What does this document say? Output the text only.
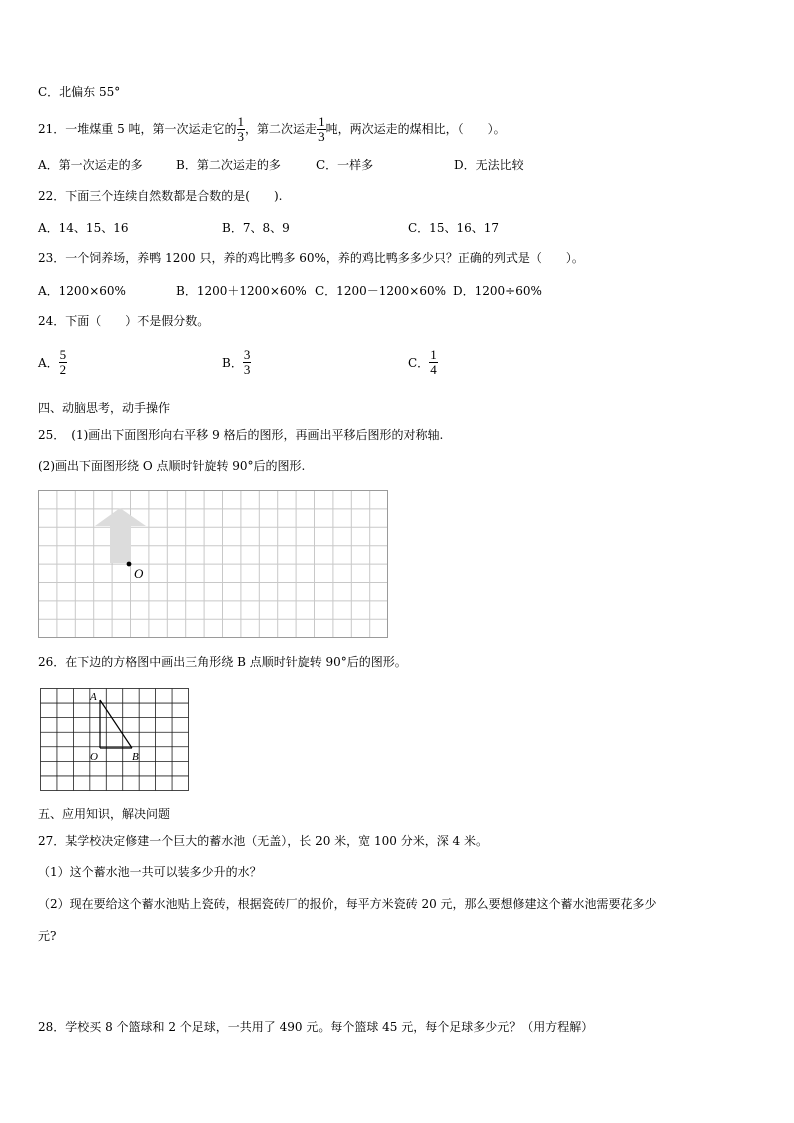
C．北偏东 55°
21．一堆煤重 5 吨，第一次运走它的 $\frac{1}{3}$ ，第二次运走 $\frac{1}{3}$ 吨，两次运走的煤相比，（　　）。
A．第一次运走的多	B．第二次运走的多	C．一样多	D．无法比较
22．下面三个连续自然数都是合数的是(　　).
A．14、15、16	B．7、8、9	C．15、16、17
23．一个饲养场，养鸭 1200 只，养的鸡比鸭多 60%，养的鸡比鸭多多少只？正确的列式是（　　）。
A．1200×60%	B．1200＋1200×60% C．1200－1200×60% D．1200÷60%
24．下面（　　）不是假分数。
A． $\frac{5}{2}$	B． $\frac{3}{3}$	C． $\frac{1}{4}$
四、动脑思考，动手操作
25．　(1)画出下面图形向右平移 9 格后的图形，再画出平移后图形的对称轴.
(2)画出下面图形绕 O 点顺时针旋转 90°后的图形.
O
26．在下边的方格图中画出三角形绕 B 点顺时针旋转 90°后的图形。
A
O	B
五、应用知识，解决问题
27．某学校决定修建一个巨大的蓄水池（无盖），长 20 米，宽 100 分米，深 4 米。
（1）这个蓄水池一共可以装多少升的水？
（2）现在要给这个蓄水池贴上瓷砖，根据瓷砖厂的报价，每平方米瓷砖 20 元，那么要想修建这个蓄水池需要花多少
元?
28．学校买 8 个篮球和 2 个足球，一共用了 490 元。每个篮球 45 元，每个足球多少元？（用方程解）
